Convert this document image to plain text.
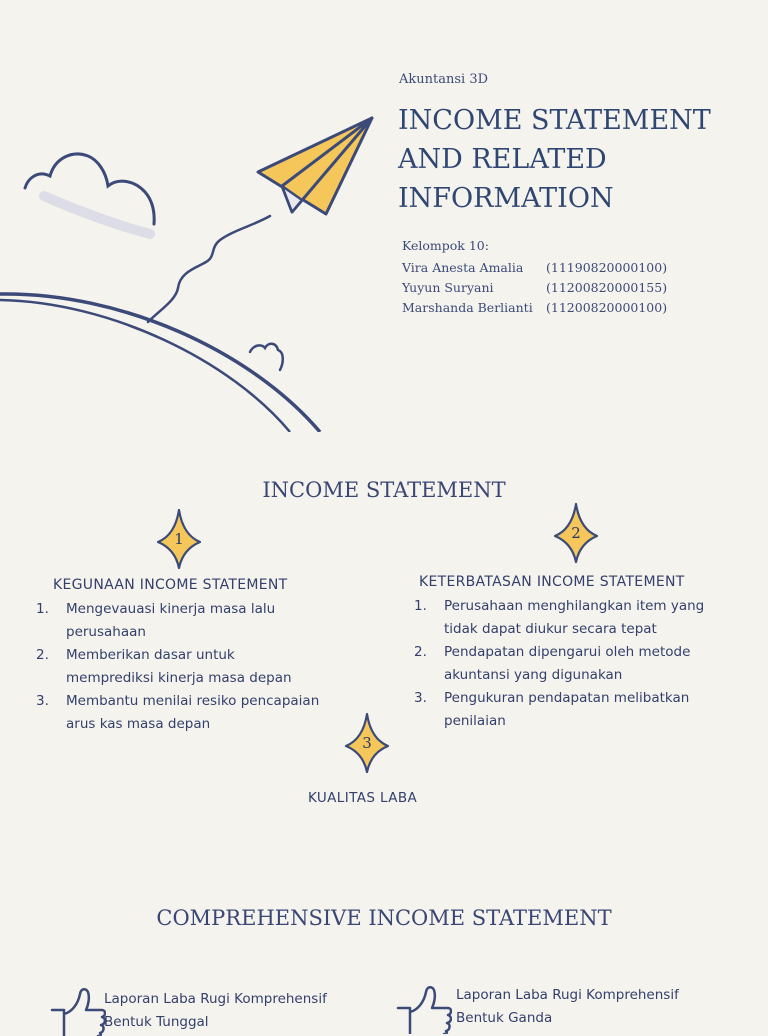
Akuntansi 3D
INCOME STATEMENT
AND RELATED
INFORMATION
Kelompok 10:
Vira Anesta Amalia	(11190820000100)
Yuyun Suryani	(11200820000155)
Marshanda Berlianti	(11200820000100)
INCOME STATEMENT
1	2
3
KEGUNAAN INCOME STATEMENT
1. Mengevauasi kinerja masa lalu
perusahaan
2. Memberikan dasar untuk
memprediksi kinerja masa depan
3. Membantu menilai resiko pencapaian
arus kas masa depan
KETERBATASAN INCOME STATEMENT
1. Perusahaan menghilangkan item yang
tidak dapat diukur secara tepat
2. Pendapatan dipengarui oleh metode
akuntansi yang digunakan
3. Pengukuran pendapatan melibatkan
penilaian
KUALITAS LABA
COMPREHENSIVE INCOME STATEMENT
Laporan Laba Rugi Komprehensif
Bentuk Tunggal
Laporan Laba Rugi Komprehensif
Bentuk Ganda
